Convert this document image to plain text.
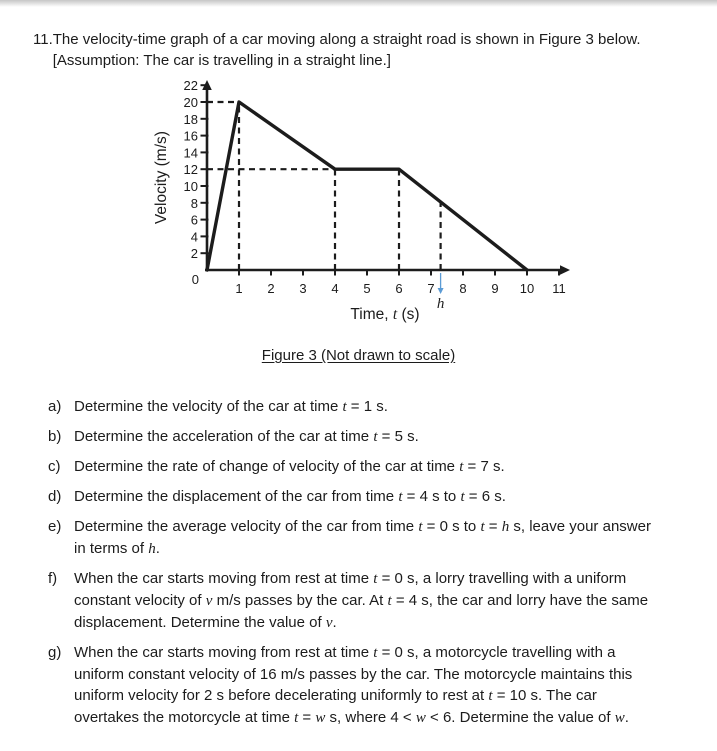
11. The velocity-time graph of a car moving along a straight road is shown in Figure 3 below. [Assumption: The car is travelling in a straight line.]
1 2 3 4 5 6 7 8 9 10 11
2
4
6
8
10
12
14
16
18
20
22
0
Velocity (m/s)
Time, t (s)
h
Figure 3 (Not drawn to scale)
a) Determine the velocity of the car at time t = 1 s.
b) Determine the acceleration of the car at time t = 5 s.
c) Determine the rate of change of velocity of the car at time t = 7 s.
d) Determine the displacement of the car from time t = 4 s to t = 6 s.
e) Determine the average velocity of the car from time t = 0 s to t = h s, leave your answer in terms of h.
f)	When the car starts moving from rest at time t = 0 s, a lorry travelling with a uniform constant velocity of v m/s passes by the car. At t = 4 s, the car and lorry have the same displacement. Determine the value of v.
g) When the car starts moving from rest at time t = 0 s, a motorcycle travelling with a uniform constant velocity of 16 m/s passes by the car. The motorcycle maintains this uniform velocity for 2 s before decelerating uniformly to rest at t = 10 s. The car overtakes the motorcycle at time t = w s, where 4 < w < 6. Determine the value of w.
